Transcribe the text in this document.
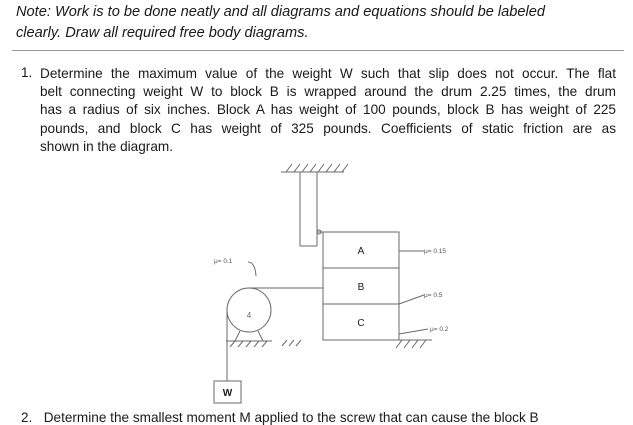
Note: Work is to be done neatly and all diagrams and equations should be labeled
clearly. Draw all required free body diagrams.
1. Determine the maximum value of the weight W such that slip does not occur. The flat
belt connecting weight W to block B is wrapped around the drum 2.25 times, the drum
has a radius of six inches. Block A has weight of 100 pounds, block B has weight of 225
pounds, and block C has weight of 325 pounds. Coefficients of static friction are as
shown in the diagram.
A
B
C
W
4
μ= 0.1
μ= 0.15
μ= 0.5
μ= 0.2
2. Determine the smallest moment M applied to the screw that can cause the block B
